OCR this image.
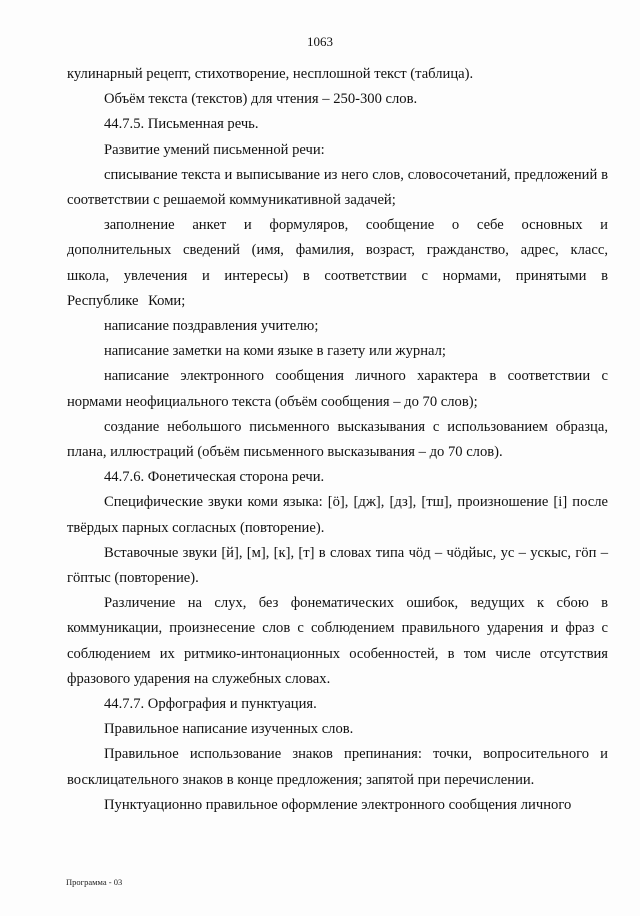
1063

кулинарный рецепт, стихотворение, несплошной текст (таблица).

Объём текста (текстов) для чтения – 250-300 слов.

44.7.5. Письменная речь.

Развитие умений письменной речи:

списывание текста и выписывание из него слов, словосочетаний, предложений в соответствии с решаемой коммуникативной задачей;

заполнение анкет и формуляров, сообщение о себе основных и дополнительных сведений (имя, фамилия, возраст, гражданство, адрес, класс, школа, увлечения и интересы) в соответствии с нормами, принятыми в Республике Коми;

написание поздравления учителю;

написание заметки на коми языке в газету или журнал;

написание электронного сообщения личного характера в соответствии с нормами неофициального текста (объём сообщения – до 70 слов);

создание небольшого письменного высказывания с использованием образца, плана, иллюстраций (объём письменного высказывания – до 70 слов).

44.7.6. Фонетическая сторона речи.

Специфические звуки коми языка: [ö], [дж], [дз], [тш], произношение [i] после твёрдых парных согласных (повторение).

Вставочные звуки [й], [м], [к], [т] в словах типа чöд – чöдйыс, ус – ускыс, гöп – гöптыс (повторение).

Различение на слух, без фонематических ошибок, ведущих к сбою в коммуникации, произнесение слов с соблюдением правильного ударения и фраз с соблюдением их ритмико-интонационных особенностей, в том числе отсутствия фразового ударения на служебных словах.

44.7.7. Орфография и пунктуация.

Правильное написание изученных слов.

Правильное использование знаков препинания: точки, вопросительного и восклицательного знаков в конце предложения; запятой при перечислении.

Пунктуационно правильное оформление электронного сообщения личного

Программа - 03
